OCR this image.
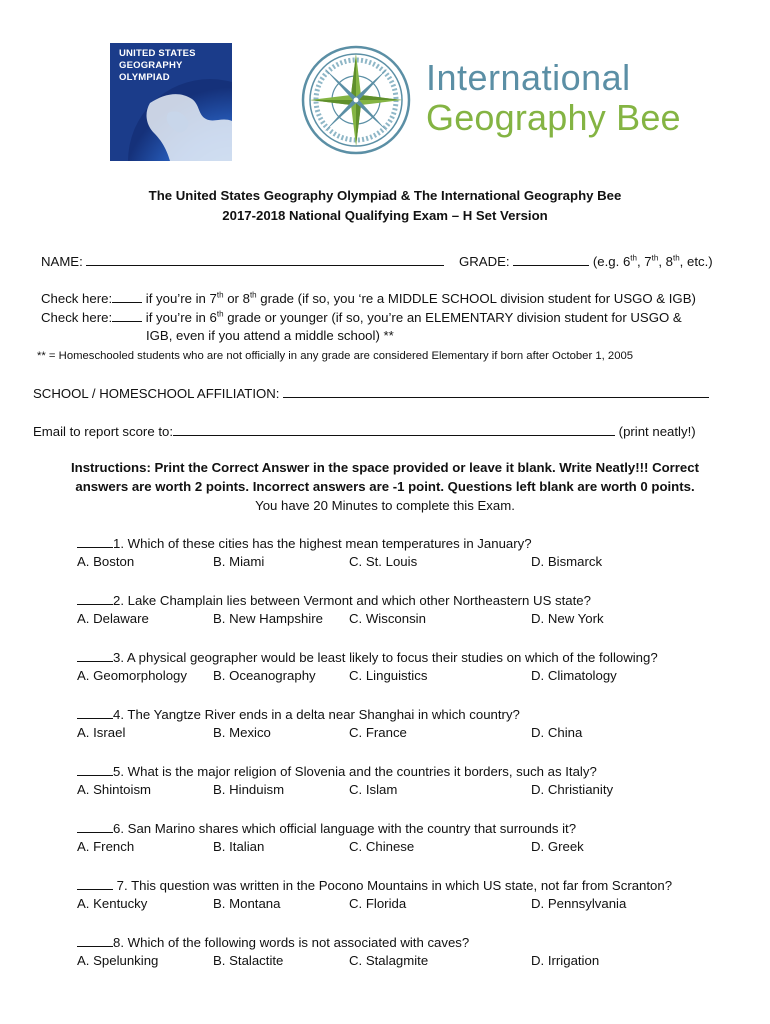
UNITED STATES
GEOGRAPHY OLYMPIAD	International
Geography Bee
The United States Geography Olympiad & The International Geography Bee
2017-2018 National Qualifying Exam – H Set Version
NAME:	GRADE:	(e.g. 6th, 7th, 8th, etc.)
Check here:	if you’re in 7th or 8th grade (if so, you ‘re a MIDDLE SCHOOL division student for USGO & IGB)
Check here:	if you’re in 6th grade or younger (if so, you’re an ELEMENTARY division student for USGO &
IGB, even if you attend a middle school) **
** = Homeschooled students who are not officially in any grade are considered Elementary if born after October 1, 2005
SCHOOL / HOMESCHOOL AFFILIATION:
Email to report score to:	(print neatly!)
Instructions: Print the Correct Answer in the space provided or leave it blank. Write Neatly!!! Correct
answers are worth 2 points. Incorrect answers are -1 point. Questions left blank are worth 0 points.
You have 20 Minutes to complete this Exam.
1. Which of these cities has the highest mean temperatures in January?
A. Boston	B. Miami	C. St. Louis	D. Bismarck
2. Lake Champlain lies between Vermont and which other Northeastern US state?
A. Delaware	B. New Hampshire C. Wisconsin	D. New York
3. A physical geographer would be least likely to focus their studies on which of the following?
A. Geomorphology B. Oceanography	C. Linguistics	D. Climatology
4. The Yangtze River ends in a delta near Shanghai in which country?
A. Israel	B. Mexico	C. France	D. China
5. What is the major religion of Slovenia and the countries it borders, such as Italy?
A. Shintoism	B. Hinduism	C. Islam	D. Christianity
6. San Marino shares which official language with the country that surrounds it?
A. French	B. Italian	C. Chinese	D. Greek
7. This question was written in the Pocono Mountains in which US state, not far from Scranton?
A. Kentucky	B. Montana	C. Florida	D. Pennsylvania
8. Which of the following words is not associated with caves?
A. Spelunking	B. Stalactite	C. Stalagmite	D. Irrigation
